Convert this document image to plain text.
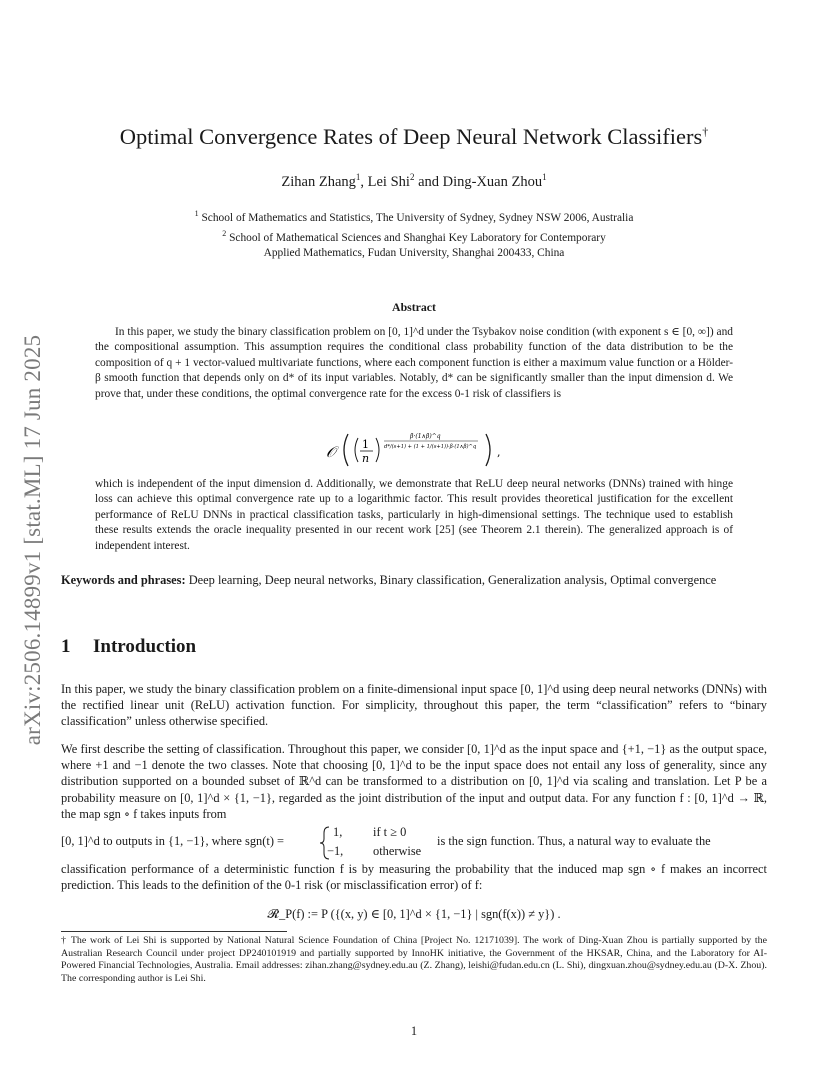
arXiv:2506.14899v1 [stat.ML] 17 Jun 2025
Optimal Convergence Rates of Deep Neural Network Classifiers†
Zihan Zhang$^1$, Lei Shi$^2$ and Ding-Xuan Zhou$^1$
$^1$ School of Mathematics and Statistics, The University of Sydney, Sydney NSW 2006, Australia
$^2$ School of Mathematical Sciences and Shanghai Key Laboratory for Contemporary
Applied Mathematics, Fudan University, Shanghai 200433, China
Abstract
In this paper, we study the binary classification problem on [0, 1]^d under the Tsybakov noise condition (with exponent s ∈ [0, ∞]) and the compositional assumption. This assumption requires the conditional class probability function of the data distribution to be the composition of q + 1 vector-valued multivariate functions, where each component function is either a maximum value function or a Hölder-β smooth function that depends only on d* of its input variables. Notably, d* can be significantly smaller than the input dimension d. We prove that, under these conditions, the optimal convergence rate for the excess 0-1 risk of classifiers is
𝒪	1
n
β·(1∧β)^q
d*/(s+1) + (1 + 1/(s+1))·β·(1∧β)^q ,
which is independent of the input dimension d. Additionally, we demonstrate that ReLU deep neural networks (DNNs) trained with hinge loss can achieve this optimal convergence rate up to a logarithmic factor. This result provides theoretical justification for the excellent performance of ReLU DNNs in practical classification tasks, particularly in high-dimensional settings. The technique used to establish these results extends the oracle inequality presented in our recent work [25] (see Theorem 2.1 therein). The generalized approach is of independent interest.
Keywords and phrases: Deep learning, Deep neural networks, Binary classification, Generalization analysis, Optimal convergence
1 Introduction
In this paper, we study the binary classification problem on a finite-dimensional input space [0, 1]^d using deep neural networks (DNNs) with the rectified linear unit (ReLU) activation function. For simplicity, throughout this paper, the term “classification” refers to “binary classification” unless otherwise specified.
We first describe the setting of classification. Throughout this paper, we consider [0, 1]^d as the input space and {+1, −1} as the output space, where +1 and −1 denote the two classes. Note that choosing [0, 1]^d to be the input space does not entail any loss of generality, since any distribution supported on a bounded subset of ℝ^d can be transformed to a distribution on [0, 1]^d via scaling and translation. Let P be a probability measure on [0, 1]^d × {1, −1}, regarded as the joint distribution of the input and output data. For any function f : [0, 1]^d → ℝ, the map sgn ∘ f takes inputs from
[0, 1]^d to outputs in {1, −1}, where sgn(t) =
1, if t ≥ 0
−1, otherwise
is the sign function. Thus, a natural way to evaluate the
classification performance of a deterministic function f is by measuring the probability that the induced map sgn ∘ f makes an incorrect prediction. This leads to the definition of the 0-1 risk (or misclassification error) of f:
𝓡_P(f) := P ({(x, y) ∈ [0, 1]^d × {1, −1} | sgn(f(x)) ≠ y}) .
† The work of Lei Shi is supported by National Natural Science Foundation of China [Project No. 12171039]. The work of Ding-Xuan Zhou is partially supported by the Australian Research Council under project DP240101919 and partially supported by InnoHK initiative, the Government of the HKSAR, China, and the Laboratory for AI-Powered Financial Technologies, Australia. Email addresses: zihan.zhang@sydney.edu.au (Z. Zhang), leishi@fudan.edu.cn (L. Shi), dingxuan.zhou@sydney.edu.au (D-X. Zhou). The corresponding author is Lei Shi.
1
